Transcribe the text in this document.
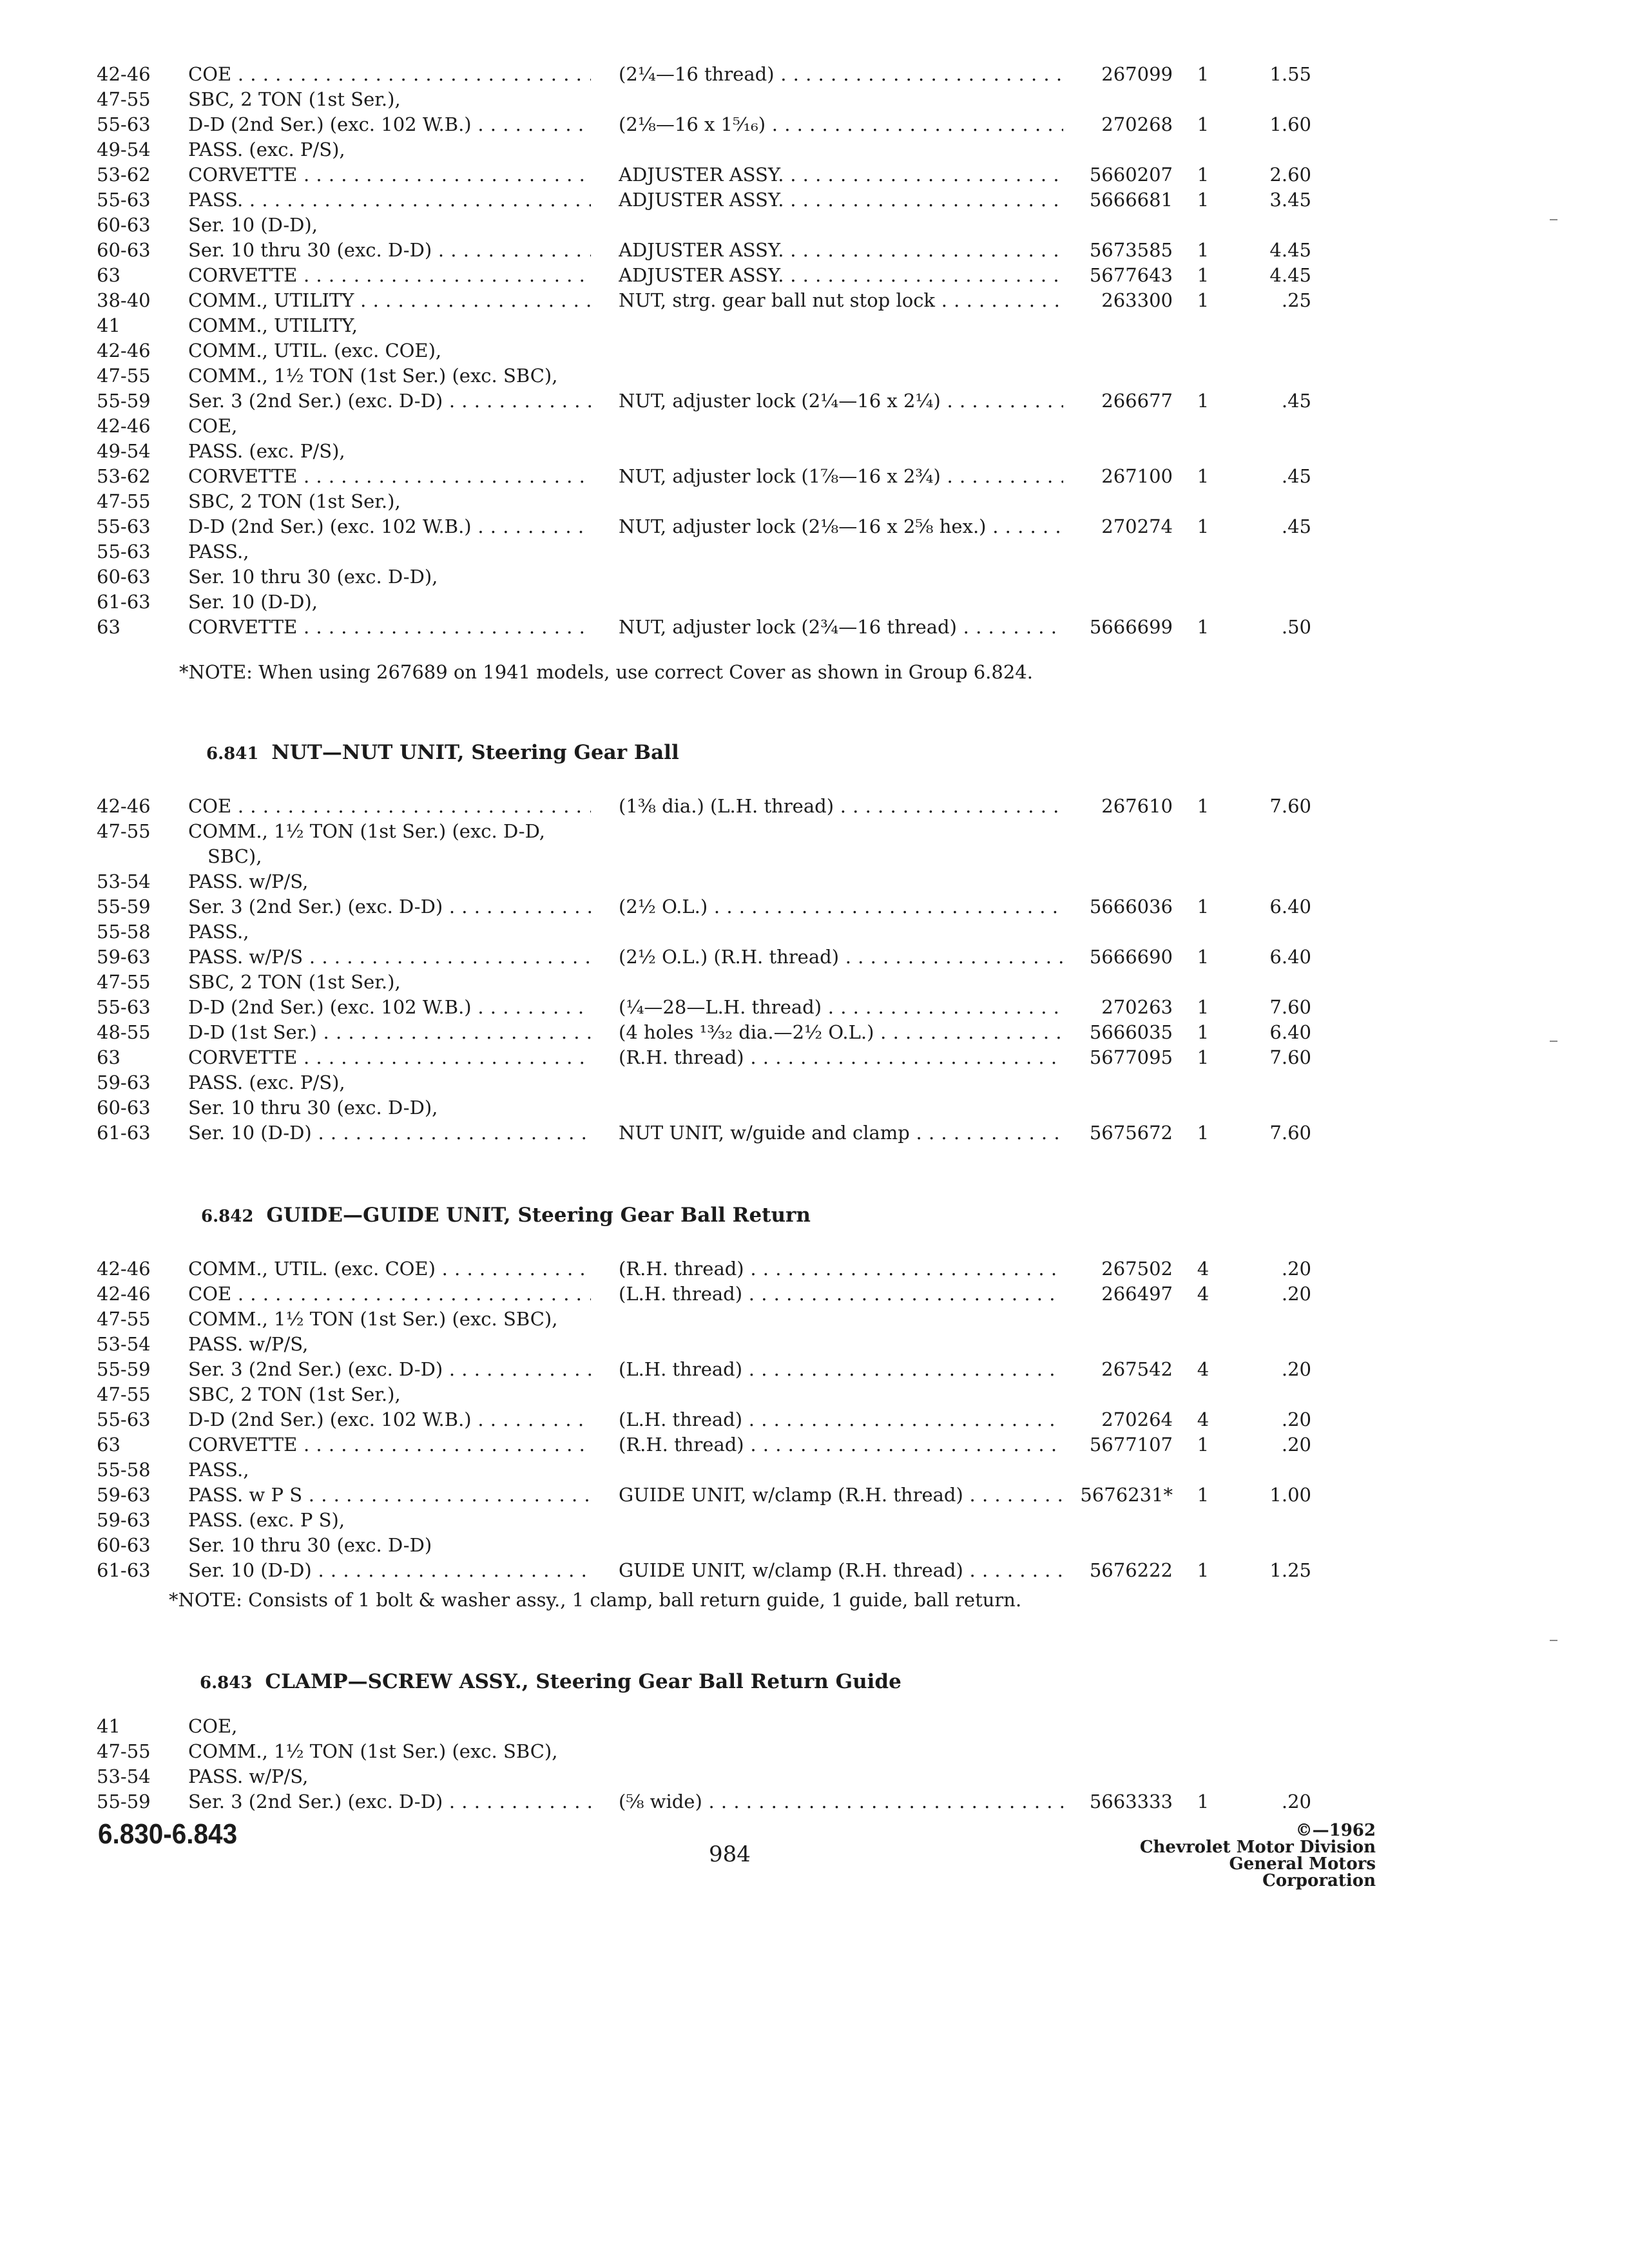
42-46	COE . . .	(2¼—16 thread) . . .	267099 1	1.55
47-55	SBC, 2 TON (1st Ser.),
55-63	D-D (2nd Ser.) (exc. 102 W.B.) . . .	(2⅛—16 x 1⁵⁄₁₆) . . .	270268 1	1.60
49-54	PASS. (exc. P/S),
53-62	CORVETTE . . .	ADJUSTER ASSY. . . .	5660207 1	2.60
55-63	PASS. . . .	ADJUSTER ASSY. . . .	5666681 1	3.45
60-63	Ser. 10 (D-D),
60-63	Ser. 10 thru 30 (exc. D-D) . . .	ADJUSTER ASSY. . . .	5673585 1	4.45
63	CORVETTE . . .	ADJUSTER ASSY. . . .	5677643 1	4.45
38-40	COMM., UTILITY . . .	NUT, strg. gear ball nut stop lock . . .	263300 1	.25
41	COMM., UTILITY,
42-46	COMM., UTIL. (exc. COE),
47-55	COMM., 1½ TON (1st Ser.) (exc. SBC),
55-59	Ser. 3 (2nd Ser.) (exc. D-D) . . .	NUT, adjuster lock (2¼—16 x 2¼) . . .	266677 1	.45
42-46	COE,
49-54	PASS. (exc. P/S),
53-62	CORVETTE . . .	NUT, adjuster lock (1⅞—16 x 2¾) . . .	267100 1	.45
47-55	SBC, 2 TON (1st Ser.),
55-63	D-D (2nd Ser.) (exc. 102 W.B.) . . .	NUT, adjuster lock (2⅛—16 x 2⅝ hex.) . . .	270274 1	.45
55-63	PASS.,
60-63	Ser. 10 thru 30 (exc. D-D),
61-63	Ser. 10 (D-D),
63	CORVETTE . . .	NUT, adjuster lock (2¾—16 thread) . . .	5666699 1	.50
*NOTE: When using 267689 on 1941 models, use correct Cover as shown in Group 6.824.
6.841 NUT—NUT UNIT, Steering Gear Ball
42-46	COE . . .	(1⅜ dia.) (L.H. thread) . . .	267610 1	7.60
47-55	COMM., 1½ TON (1st Ser.) (exc. D-D,
SBC),
53-54	PASS. w/P/S,
55-59	Ser. 3 (2nd Ser.) (exc. D-D) . . .	(2½ O.L.) . . .	5666036 1	6.40
55-58	PASS.,
59-63	PASS. w/P/S . . .	(2½ O.L.) (R.H. thread) . . .	5666690 1	6.40
47-55	SBC, 2 TON (1st Ser.),
55-63	D-D (2nd Ser.) (exc. 102 W.B.) . . .	(¼—28—L.H. thread) . . .	270263 1	7.60
48-55	D-D (1st Ser.) . . .	(4 holes ¹³⁄₃₂ dia.—2½ O.L.) . . .	5666035 1	6.40
63	CORVETTE . . .	(R.H. thread) . . .	5677095 1	7.60
59-63	PASS. (exc. P/S),
60-63	Ser. 10 thru 30 (exc. D-D),
61-63	Ser. 10 (D-D) . . .	NUT UNIT, w/guide and clamp . . .	5675672 1	7.60
6.842 GUIDE—GUIDE UNIT, Steering Gear Ball Return
42-46	COMM., UTIL. (exc. COE) . . .	(R.H. thread) . . .	267502 4	.20
42-46	COE . . .	(L.H. thread) . . .	266497 4	.20
47-55	COMM., 1½ TON (1st Ser.) (exc. SBC),
53-54	PASS. w/P/S,
55-59	Ser. 3 (2nd Ser.) (exc. D-D) . . .	(L.H. thread) . . .	267542 4	.20
47-55	SBC, 2 TON (1st Ser.),
55-63	D-D (2nd Ser.) (exc. 102 W.B.) . . .	(L.H. thread) . . .	270264 4	.20
63	CORVETTE . . .	(R.H. thread) . . .	5677107 1	.20
55-58	PASS.,
59-63	PASS. w P S . . .	GUIDE UNIT, w/clamp (R.H. thread) . . .	5676231* 1	1.00
59-63	PASS. (exc. P S),
60-63	Ser. 10 thru 30 (exc. D-D)
61-63	Ser. 10 (D-D) . . .	GUIDE UNIT, w/clamp (R.H. thread) . . .	5676222 1	1.25
*NOTE: Consists of 1 bolt & washer assy., 1 clamp, ball return guide, 1 guide, ball return.
6.843 CLAMP—SCREW ASSY., Steering Gear Ball Return Guide
41	COE,
47-55	COMM., 1½ TON (1st Ser.) (exc. SBC),
53-54	PASS. w/P/S,
55-59	Ser. 3 (2nd Ser.) (exc. D-D) . . .	(⅝ wide) . . .	5663333 1	.20
6.830-6.843
984
©—1962
Chevrolet Motor Division
General Motors Corporation
